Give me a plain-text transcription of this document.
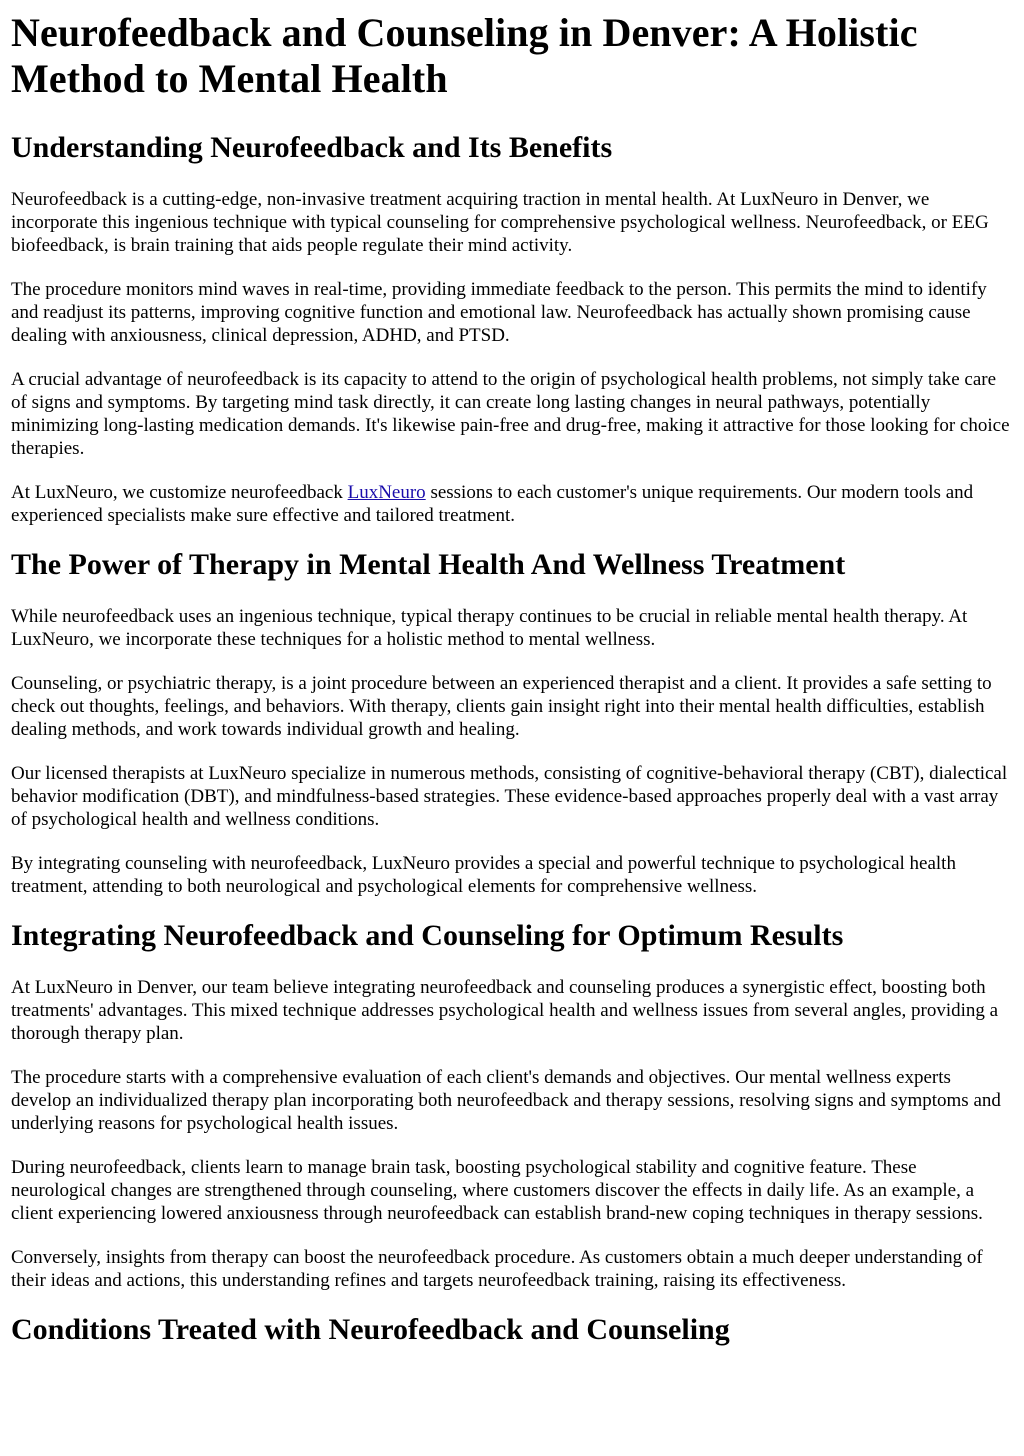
Neurofeedback and Counseling in Denver: A Holistic Method to Mental Health
Understanding Neurofeedback and Its Benefits

Neurofeedback is a cutting-edge, non-invasive treatment acquiring traction in mental health. At LuxNeuro in Denver, we incorporate this ingenious technique with typical counseling for comprehensive psychological wellness. Neurofeedback, or EEG biofeedback, is brain training that aids people regulate their mind activity.

The procedure monitors mind waves in real-time, providing immediate feedback to the person. This permits the mind to identify and readjust its patterns, improving cognitive function and emotional law. Neurofeedback has actually shown promising cause dealing with anxiousness, clinical depression, ADHD, and PTSD.

A crucial advantage of neurofeedback is its capacity to attend to the origin of psychological health problems, not simply take care of signs and symptoms. By targeting mind task directly, it can create long lasting changes in neural pathways, potentially minimizing long-lasting medication demands. It's likewise pain-free and drug-free, making it attractive for those looking for choice therapies.

At LuxNeuro, we customize neurofeedback LuxNeuro sessions to each customer's unique requirements. Our modern tools and experienced specialists make sure effective and tailored treatment.

The Power of Therapy in Mental Health And Wellness Treatment

While neurofeedback uses an ingenious technique, typical therapy continues to be crucial in reliable mental health therapy. At LuxNeuro, we incorporate these techniques for a holistic method to mental wellness.

Counseling, or psychiatric therapy, is a joint procedure between an experienced therapist and a client. It provides a safe setting to check out thoughts, feelings, and behaviors. With therapy, clients gain insight right into their mental health difficulties, establish dealing methods, and work towards individual growth and healing.

Our licensed therapists at LuxNeuro specialize in numerous methods, consisting of cognitive-behavioral therapy (CBT), dialectical behavior modification (DBT), and mindfulness-based strategies. These evidence-based approaches properly deal with a vast array of psychological health and wellness conditions.

By integrating counseling with neurofeedback, LuxNeuro provides a special and powerful technique to psychological health treatment, attending to both neurological and psychological elements for comprehensive wellness.

Integrating Neurofeedback and Counseling for Optimum Results

At LuxNeuro in Denver, our team believe integrating neurofeedback and counseling produces a synergistic effect, boosting both treatments' advantages. This mixed technique addresses psychological health and wellness issues from several angles, providing a thorough therapy plan.

The procedure starts with a comprehensive evaluation of each client's demands and objectives. Our mental wellness experts develop an individualized therapy plan incorporating both neurofeedback and therapy sessions, resolving signs and symptoms and underlying reasons for psychological health issues.

During neurofeedback, clients learn to manage brain task, boosting psychological stability and cognitive feature. These neurological changes are strengthened through counseling, where customers discover the effects in daily life. As an example, a client experiencing lowered anxiousness through neurofeedback can establish brand-new coping techniques in therapy sessions.

Conversely, insights from therapy can boost the neurofeedback procedure. As customers obtain a much deeper understanding of their ideas and actions, this understanding refines and targets neurofeedback training, raising its effectiveness.

Conditions Treated with Neurofeedback and Counseling
